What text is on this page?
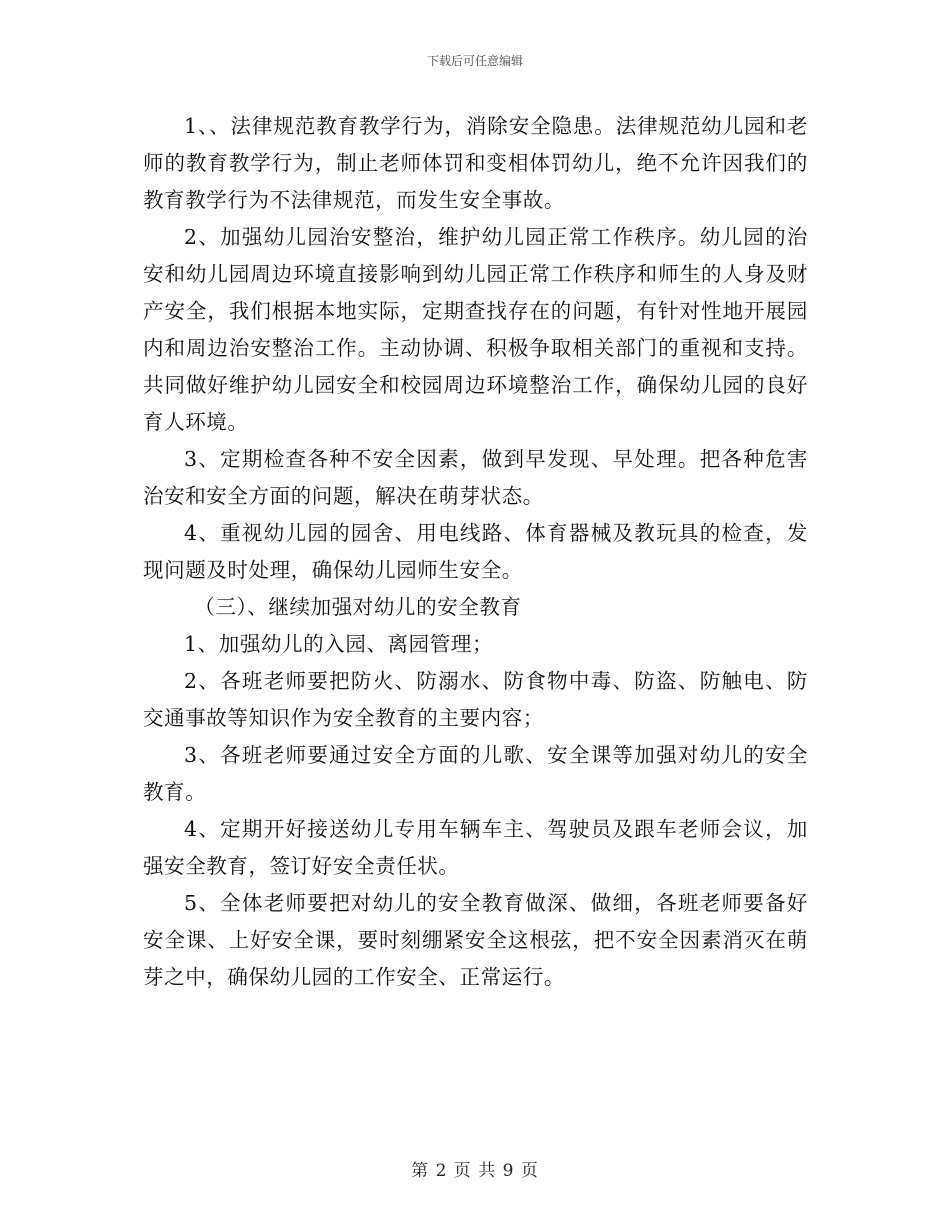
下载后可任意编辑

1、、法律规范教育教学行为，消除安全隐患。法律规范幼儿园和老师的教育教学行为，制止老师体罚和变相体罚幼儿，绝不允许因我们的教育教学行为不法律规范，而发生安全事故。

2、加强幼儿园治安整治，维护幼儿园正常工作秩序。幼儿园的治安和幼儿园周边环境直接影响到幼儿园正常工作秩序和师生的人身及财产安全，我们根据本地实际，定期查找存在的问题，有针对性地开展园内和周边治安整治工作。主动协调、积极争取相关部门的重视和支持。共同做好维护幼儿园安全和校园周边环境整治工作，确保幼儿园的良好育人环境。

3、定期检查各种不安全因素，做到早发现、早处理。把各种危害治安和安全方面的问题，解决在萌芽状态。

4、重视幼儿园的园舍、用电线路、体育器械及教玩具的检查，发现问题及时处理，确保幼儿园师生安全。

（三）、继续加强对幼儿的安全教育

1、加强幼儿的入园、离园管理；

2、各班老师要把防火、防溺水、防食物中毒、防盗、防触电、防交通事故等知识作为安全教育的主要内容；

3、各班老师要通过安全方面的儿歌、安全课等加强对幼儿的安全教育。

4、定期开好接送幼儿专用车辆车主、驾驶员及跟车老师会议，加强安全教育，签订好安全责任状。

5、全体老师要把对幼儿的安全教育做深、做细，各班老师要备好安全课、上好安全课，要时刻绷紧安全这根弦，把不安全因素消灭在萌芽之中，确保幼儿园的工作安全、正常运行。

第 2 页 共 9 页
